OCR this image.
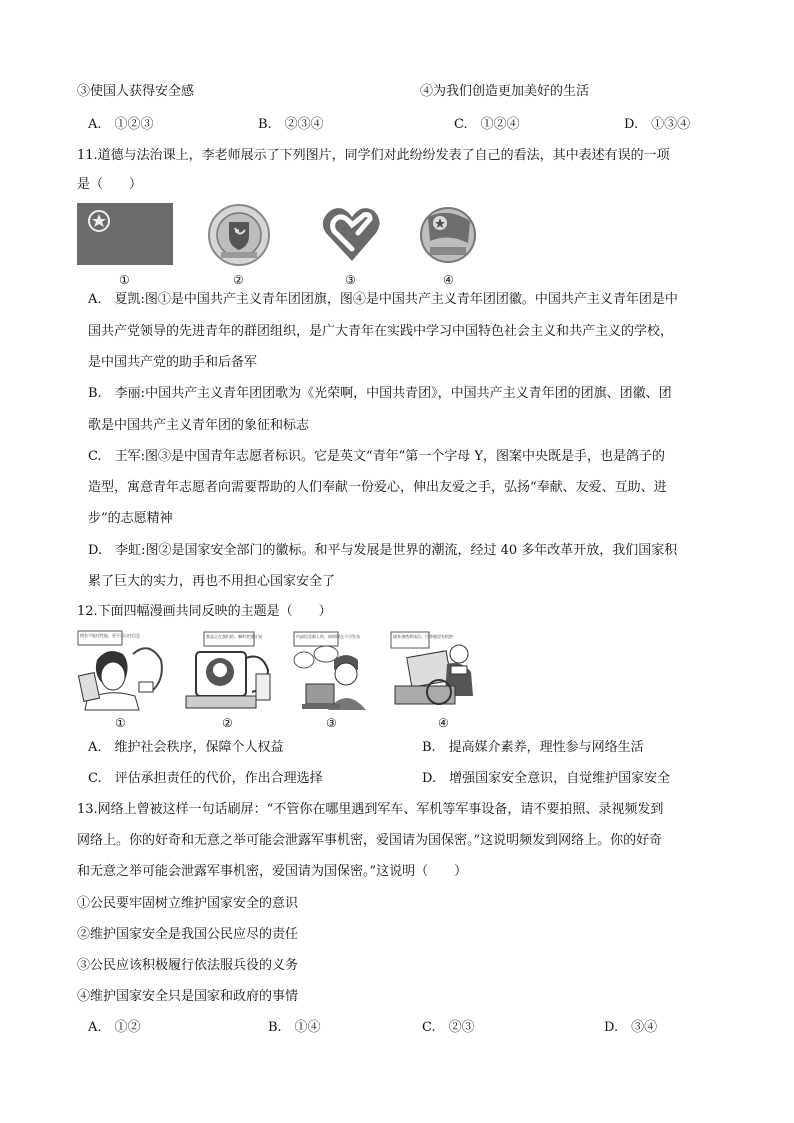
③使国人获得安全感	④为我们创造更加美好的生活
A.　①②③	B.　②③④	C.　①②④	D.　①③④
11.道德与法治课上，李老师展示了下列图片，同学们对此纷纷发表了自己的看法，其中表述有误的一项
是（　　）
①	②	③	④
A.　夏凯:图①是中国共产主义青年团团旗，图④是中国共产主义青年团团徽。中国共产主义青年团是中
国共产党领导的先进青年的群团组织，是广大青年在实践中学习中国特色社会主义和共产主义的学校，
是中国共产党的助手和后备军
B.　李丽:中国共产主义青年团团歌为《光荣啊，中国共青团》，中国共产主义青年团的团旗、团徽、团
歌是中国共产主义青年团的象征和标志
C.　王军:图③是中国青年志愿者标识。它是英文“青年”第一个字母 Y，图案中央既是手，也是鸽子的
造型，寓意青年志愿者向需要帮助的人们奉献一份爱心，伸出友爱之手，弘扬“奉献、友爱、互助、进
步”的志愿精神
D.　李虹:图②是国家安全部门的徽标。和平与发展是世界的潮流，经过 40 多年改革开放，我们国家积
累了巨大的实力，再也不用担心国家安全了
12.下面四幅漫画共同反映的主题是（　　）
拥有不能往性能、更不可以往信息
①
我是正在我们的、嘱咐者要计划
②
内部信息都上传、网络现在不可发布
③
境外渗透带读信、行李箱里有机密
④
A.　维护社会秩序，保障个人权益	B.　提高媒介素养，理性参与网络生活
C.　评估承担责任的代价，作出合理选择	D.　增强国家安全意识，自觉维护国家安全
13.网络上曾被这样一句话刷屏：“不管你在哪里遇到军车、军机等军事设备，请不要拍照、录视频发到
网络上。你的好奇和无意之举可能会泄露军事机密，爱国请为国保密。”这说明频发到网络上。你的好奇
和无意之举可能会泄露军事机密，爱国请为国保密。”这说明（　　）
①公民要牢固树立维护国家安全的意识
②维护国家安全是我国公民应尽的责任
③公民应该积极履行依法服兵役的义务
④维护国家安全只是国家和政府的事情
A.　①②	B.　①④	C.　②③	D.　③④
